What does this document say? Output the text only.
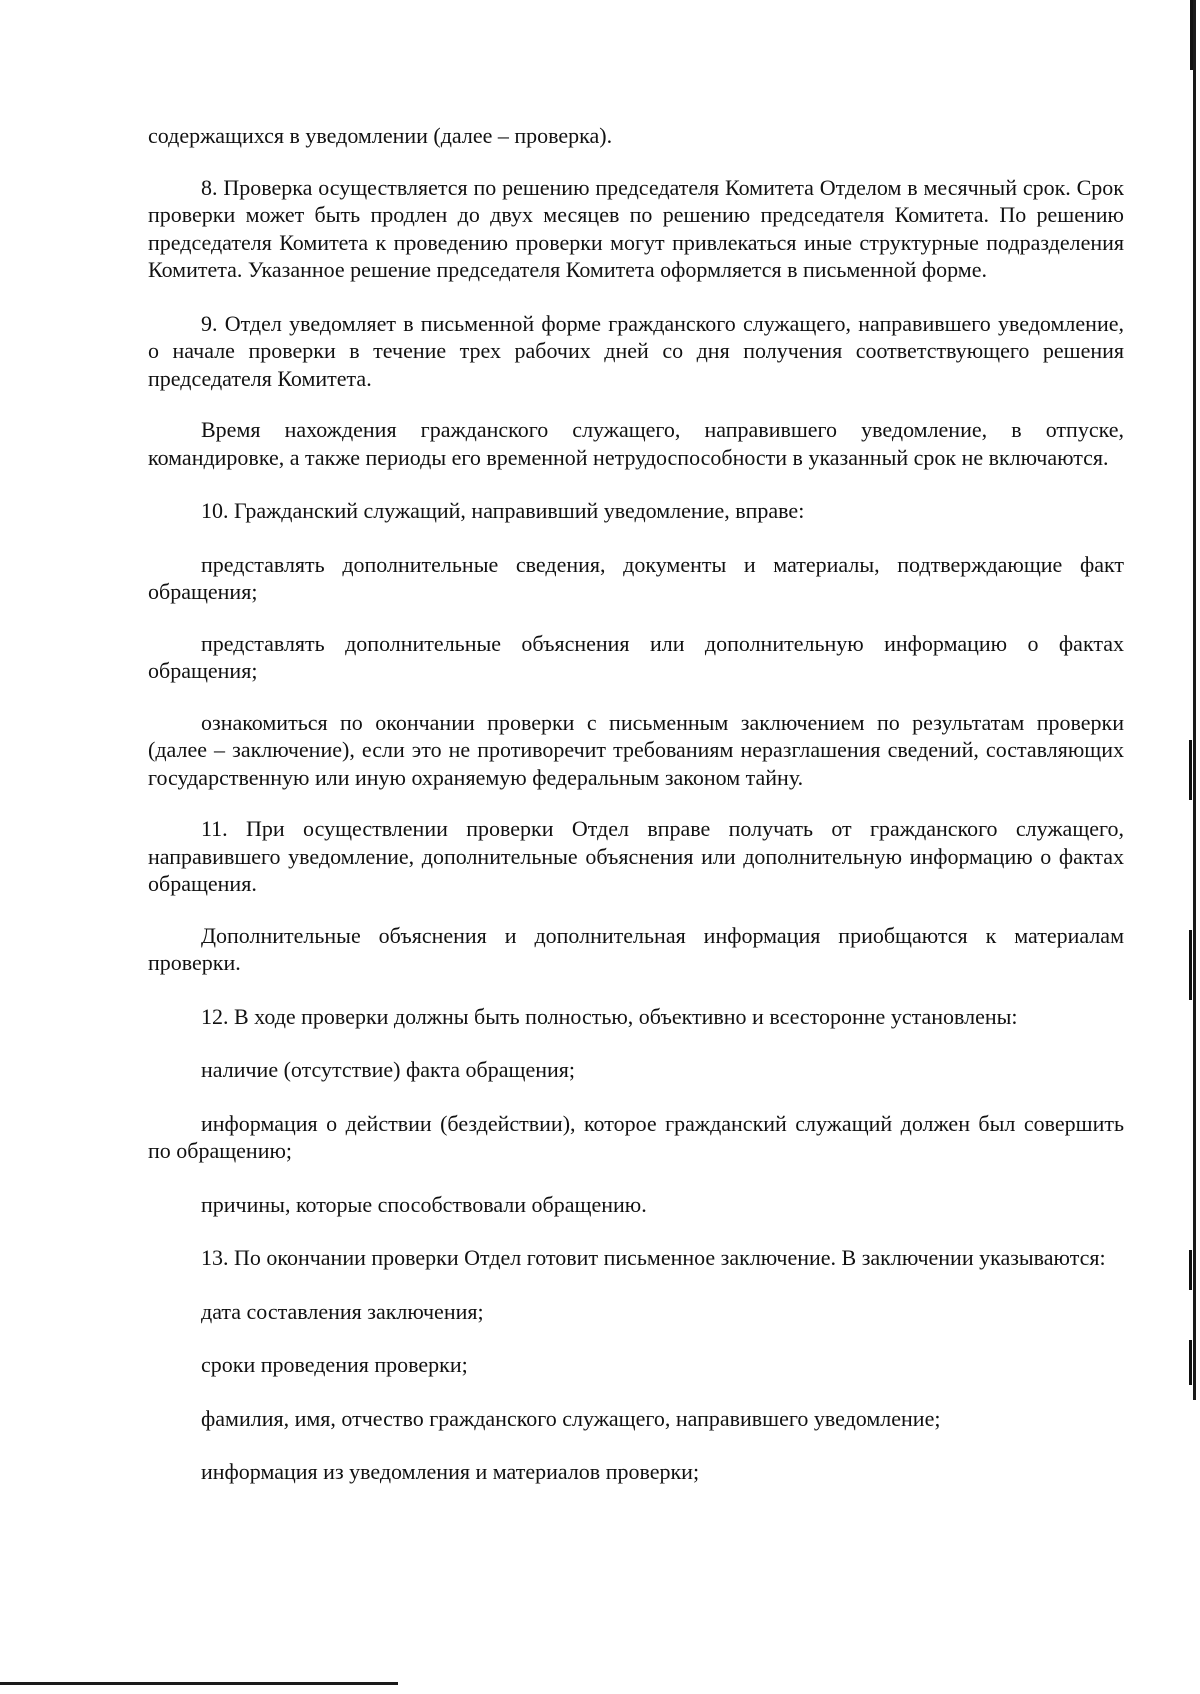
содержащихся в уведомлении (далее – проверка).

8. Проверка осуществляется по решению председателя Комитета Отделом в месячный срок. Срок проверки может быть продлен до двух месяцев по решению председателя Комитета. По решению председателя Комитета к проведению проверки могут привлекаться иные структурные подразделения Комитета. Указанное решение председателя Комитета оформляется в письменной форме.

9. Отдел уведомляет в письменной форме гражданского служащего, направившего уведомление, о начале проверки в течение трех рабочих дней со дня получения соответствующего решения председателя Комитета.

Время нахождения гражданского служащего, направившего уведомление, в отпуске, командировке, а также периоды его временной нетрудоспособности в указанный срок не включаются.

10. Гражданский служащий, направивший уведомление, вправе:

представлять дополнительные сведения, документы и материалы, подтверждающие факт обращения;

представлять дополнительные объяснения или дополнительную информацию о фактах обращения;

ознакомиться по окончании проверки с письменным заключением по результатам проверки (далее – заключение), если это не противоречит требованиям неразглашения сведений, составляющих государственную или иную охраняемую федеральным законом тайну.

11. При осуществлении проверки Отдел вправе получать от гражданского служащего, направившего уведомление, дополнительные объяснения или дополнительную информацию о фактах обращения.

Дополнительные объяснения и дополнительная информация приобщаются к материалам проверки.

12. В ходе проверки должны быть полностью, объективно и всесторонне установлены:

наличие (отсутствие) факта обращения;

информация о действии (бездействии), которое гражданский служащий должен был совершить по обращению;

причины, которые способствовали обращению.

13. По окончании проверки Отдел готовит письменное заключение. В заключении указываются:

дата составления заключения;

сроки проведения проверки;

фамилия, имя, отчество гражданского служащего, направившего уведомление;

информация из уведомления и материалов проверки;
